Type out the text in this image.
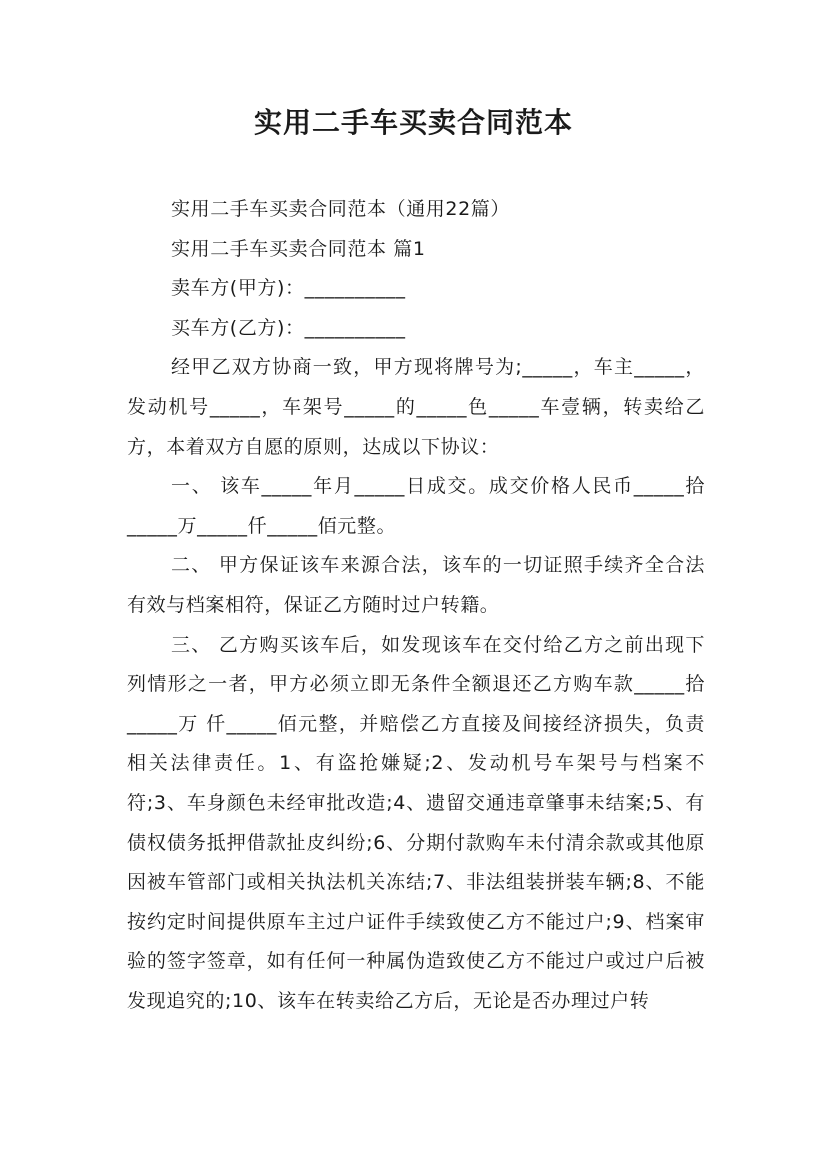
实用二手车买卖合同范本

实用二手车买卖合同范本（通用22篇）

实用二手车买卖合同范本 篇1

卖车方(甲方)：__________

买车方(乙方)：__________

经甲乙双方协商一致，甲方现将牌号为;_____，车主_____，发动机号_____，车架号_____的_____色_____车壹辆，转卖给乙方，本着双方自愿的原则，达成以下协议：

一、 该车_____年月_____日成交。成交价格人民币_____拾_____万_____仟_____佰元整。

二、 甲方保证该车来源合法，该车的一切证照手续齐全合法有效与档案相符，保证乙方随时过户转籍。

三、 乙方购买该车后，如发现该车在交付给乙方之前出现下列情形之一者，甲方必须立即无条件全额退还乙方购车款_____拾_____万 仟_____佰元整，并赔偿乙方直接及间接经济损失，负责相关法律责任。1、有盗抢嫌疑;2、发动机号车架号与档案不符;3、车身颜色未经审批改造;4、遗留交通违章肇事未结案;5、有债权债务抵押借款扯皮纠纷;6、分期付款购车未付清余款或其他原因被车管部门或相关执法机关冻结;7、非法组装拼装车辆;8、不能按约定时间提供原车主过户证件手续致使乙方不能过户;9、档案审验的签字签章，如有任何一种属伪造致使乙方不能过户或过户后被发现追究的;10、该车在转卖给乙方后，无论是否办理过户转
